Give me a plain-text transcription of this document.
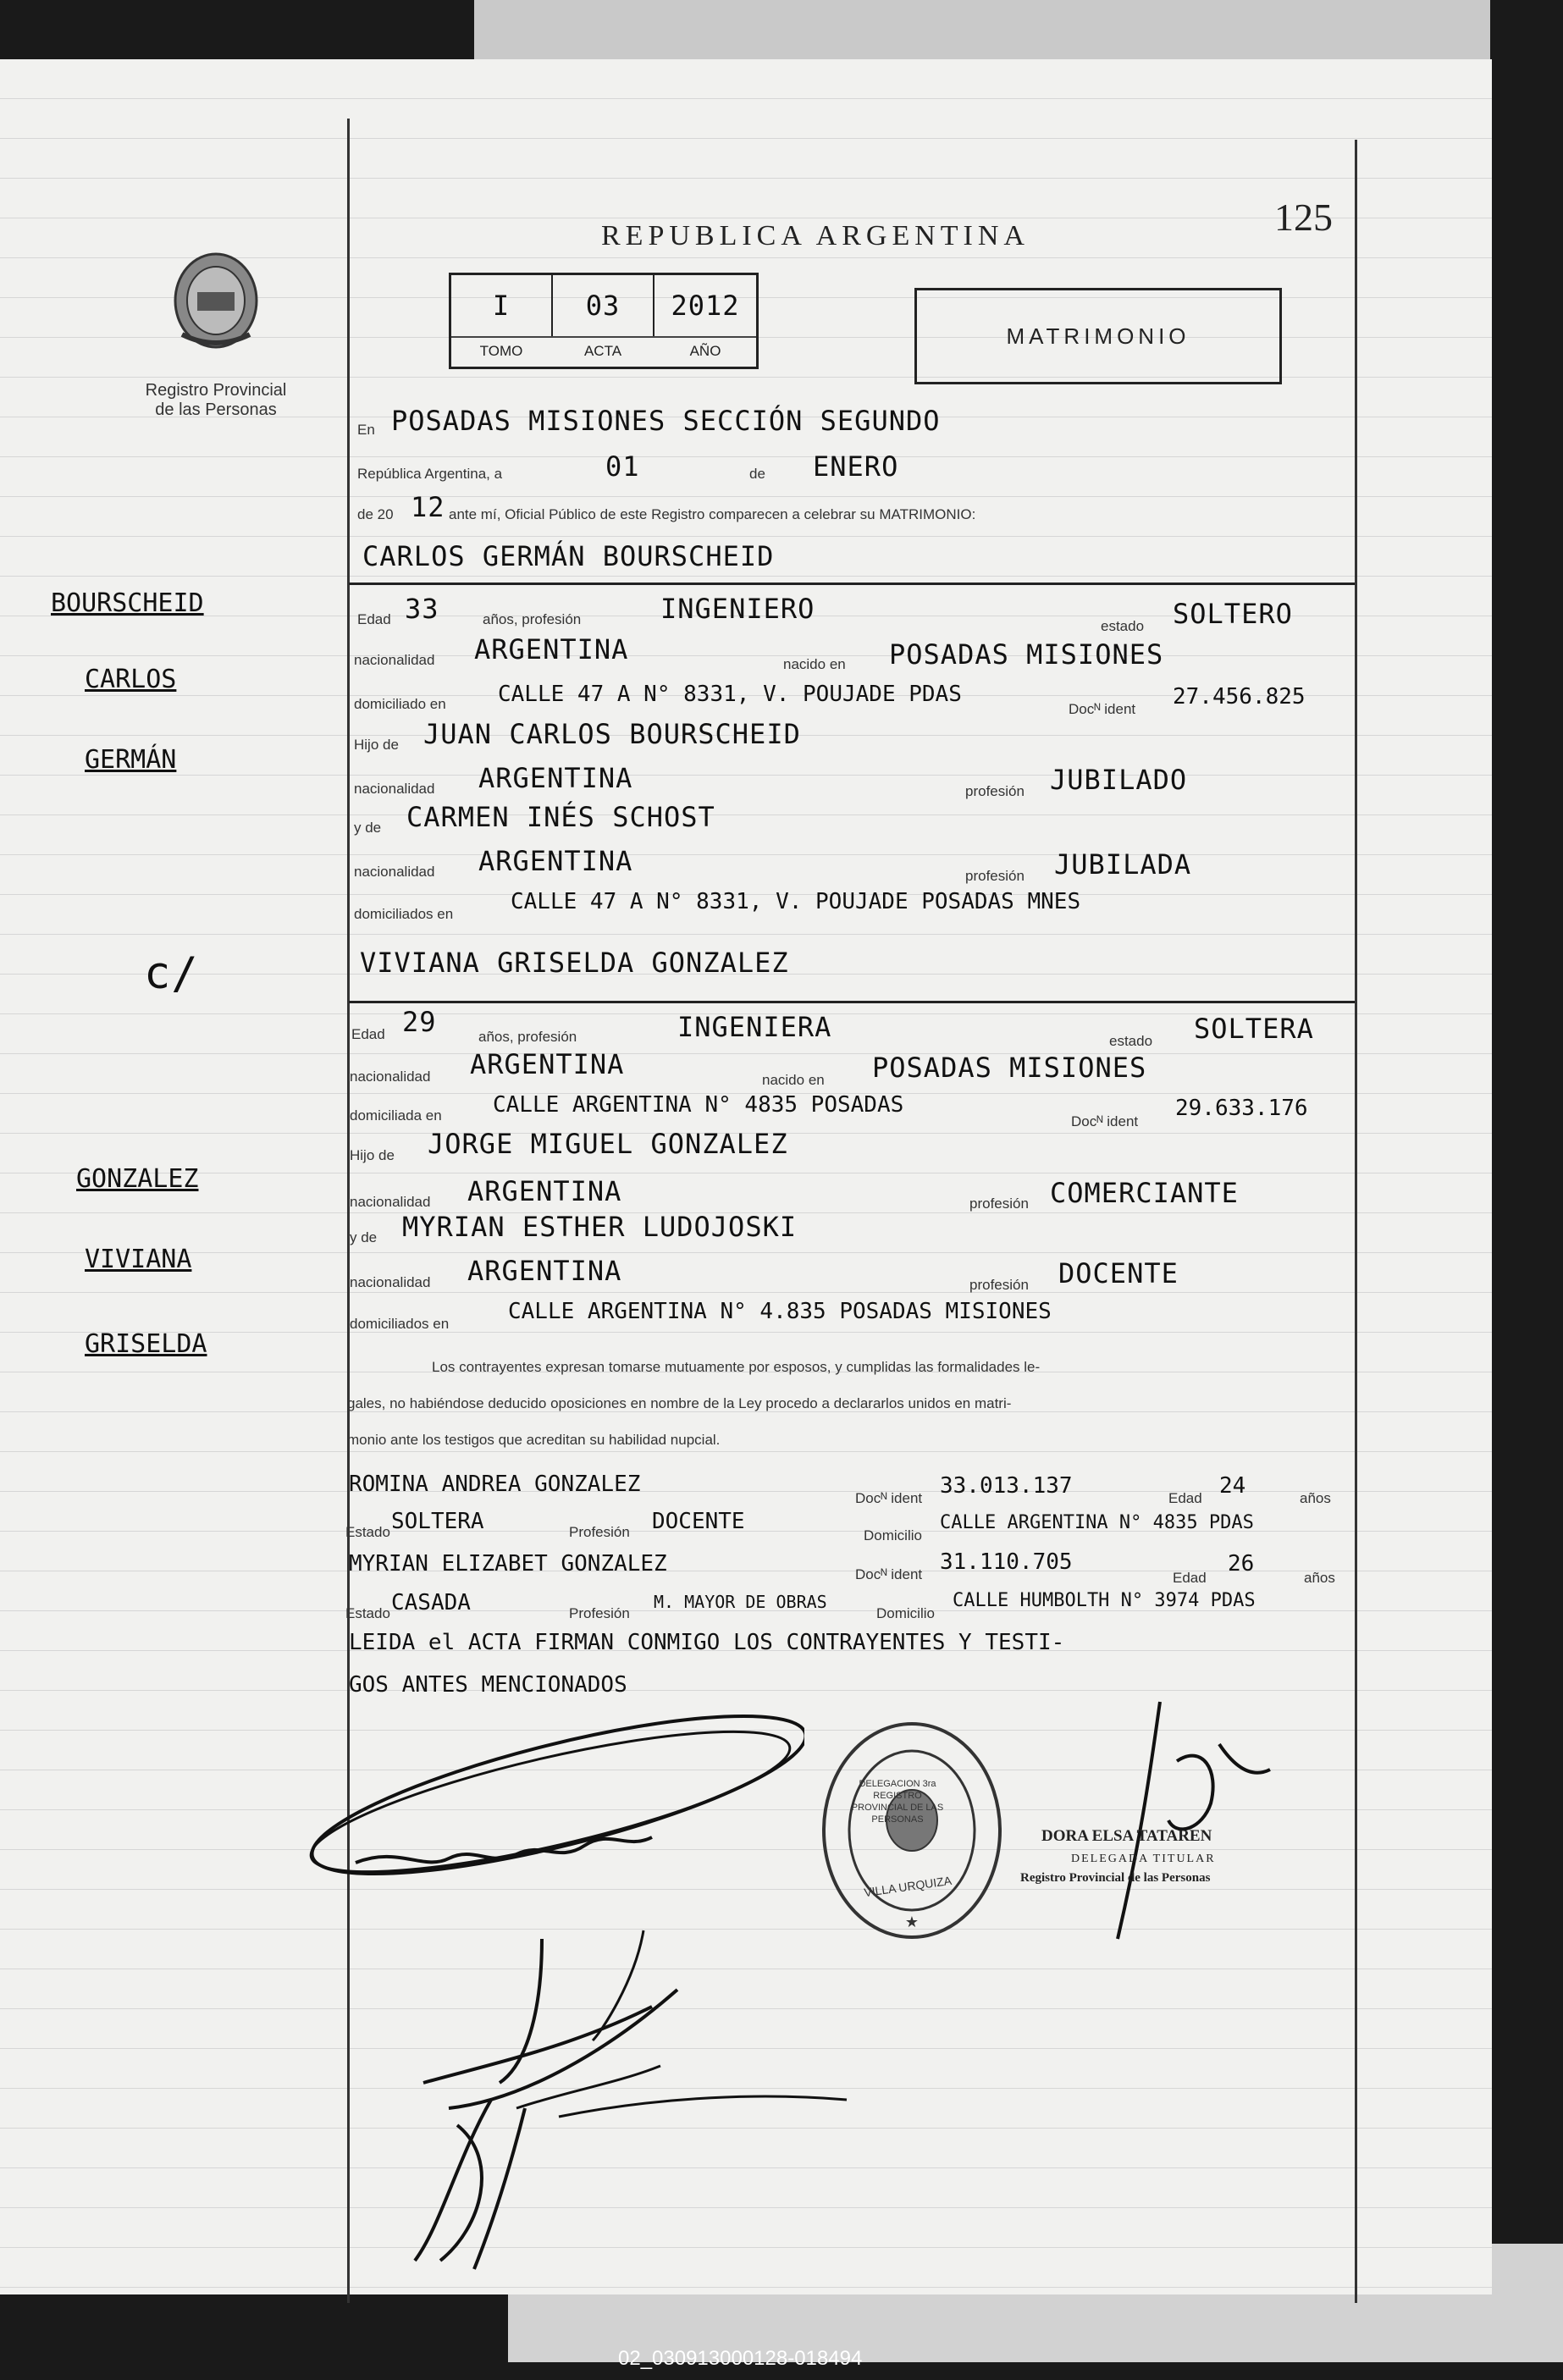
Registro Provincial
de las Personas
REPUBLICA ARGENTINA	125
I	03	2012
TOMO	ACTA	AÑO
MATRIMONIO
En POSADAS MISIONES SECCIÓN SEGUNDO
República Argentina, a	01	de ENERO
de 20 12 ante mí, Oficial Público de este Registro comparecen a celebrar su MATRIMONIO:
BOURSCHEID
CARLOS
GERMÁN
c/
GONZALEZ
VIVIANA
GRISELDA
CARLOS GERMÁN BOURSCHEID
Edad 33	años, profesión	INGENIERO
estado SOLTERO
nacionalidad ARGENTINA	nacido en POSADAS MISIONES
domiciliado en CALLE 47 A N° 8331, V. POUJADE PDAS
Docᴺ ident 27.456.825
Hijo de JUAN CARLOS BOURSCHEID
nacionalidad ARGENTINA	profesión JUBILADO
y de CARMEN INÉS SCHOST
nacionalidad ARGENTINA	profesión JUBILADA
domiciliados en	CALLE 47 A N° 8331, V. POUJADE POSADAS MNES
VIVIANA GRISELDA GONZALEZ
Edad 29	años, profesión	INGENIERA	estado SOLTERA
nacionalidad ARGENTINA	nacido en POSADAS MISIONES
domiciliada en CALLE ARGENTINA N° 4835 POSADAS
Docᴺ ident
29.633.176
Hijo de JORGE MIGUEL GONZALEZ
nacionalidad ARGENTINA	profesión COMERCIANTE
y de MYRIAN ESTHER LUDOJOSKI
nacionalidad ARGENTINA	profesión DOCENTE
domiciliados en	CALLE ARGENTINA N° 4.835 POSADAS MISIONES
Los contrayentes expresan tomarse mutuamente por esposos, y cumplidas las formalidades le-
gales, no habiéndose deducido oposiciones en nombre de la Ley procedo a declararlos unidos en matri-
monio ante los testigos que acreditan su habilidad nupcial.
ROMINA ANDREA GONZALEZ
Docᴺ ident 33.013.137	Edad 24	años
Estado SOLTERA	Profesión DOCENTE
Domicilio
CALLE ARGENTINA N° 4835 PDAS
MYRIAN ELIZABET GONZALEZ	Docᴺ ident 31.110.705
Edad
26
años
Estado CASADA	Profesión
M. MAYOR DE OBRAS
Domicilio
CALLE HUMBOLTH N° 3974 PDAS
LEIDA el ACTA FIRMAN CONMIGO LOS CONTRAYENTES Y TESTI-
GOS ANTES MENCIONADOS
★
VILLA URQUIZA
DELEGACION 3ra REGISTRO PROVINCIAL DE LAS PERSONAS
DORA ELSA TATAREN
DELEGADA TITULAR
Registro Provincial de las Personas
02_030913000128-018494
